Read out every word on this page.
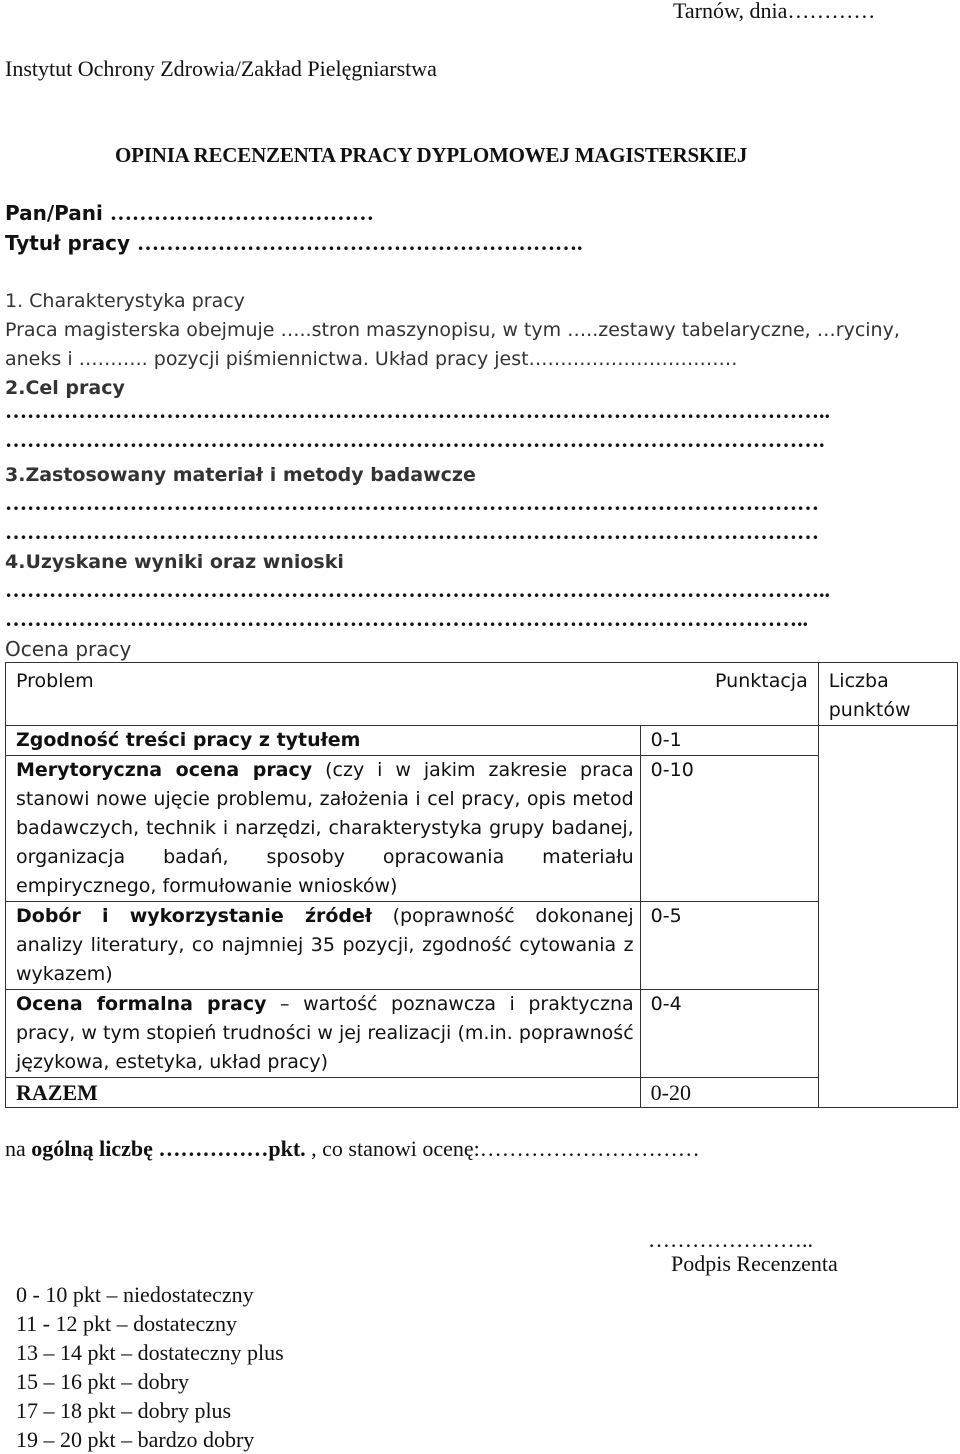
Tarnów, dnia…………
Instytut Ochrony Zdrowia/Zakład Pielęgniarstwa
OPINIA RECENZENTA PRACY DYPLOMOWEJ MAGISTERSKIEJ
Pan/Pani ………………………………
Tytuł pracy …………………………………………………….
1. Charakterystyka pracy
Praca magisterska obejmuje …..stron maszynopisu, w tym …..zestawy tabelaryczne, …ryciny,
aneks i ……….. pozycji piśmiennictwa. Układ pracy jest……………………………
2.Cel pracy
…………………………………………………………………………………………………..
………………………………………………………………………………………………….
3.Zastosowany materiał i metody badawcze
…………………………………………………………………………………………………
…………………………………………………………………………………………………
4.Uzyskane wyniki oraz wnioski
…………………………………………………………………………………………………..
………………………………………………………………………………………………..
Ocena pracy
Problem	Punktacja	Liczba punktów
Zgodność treści pracy z tytułem	0-1	
Merytoryczna ocena pracy (czy i w jakim zakresie praca stanowi nowe ujęcie problemu, założenia i cel pracy, opis metod badawczych, technik i narzędzi, charakterystyka grupy badanej, organizacja badań, sposoby opracowania materiału empirycznego, formułowanie wniosków)	0-10	
Dobór i wykorzystanie źródeł (poprawność dokonanej analizy literatury, co najmniej 35 pozycji, zgodność cytowania z wykazem)	0-5	
Ocena formalna pracy – wartość poznawcza i praktyczna pracy, w tym stopień trudności w jej realizacji (m.in. poprawność językowa, estetyka, układ pracy)	0-4	
RAZEM	0-20	
na ogólną liczbę ……………pkt. , co stanowi ocenę:…………………………
…………………..
Podpis Recenzenta
0 - 10 pkt – niedostateczny
11 - 12 pkt – dostateczny
13 – 14 pkt – dostateczny plus
15 – 16 pkt – dobry
17 – 18 pkt – dobry plus
19 – 20 pkt – bardzo dobry
